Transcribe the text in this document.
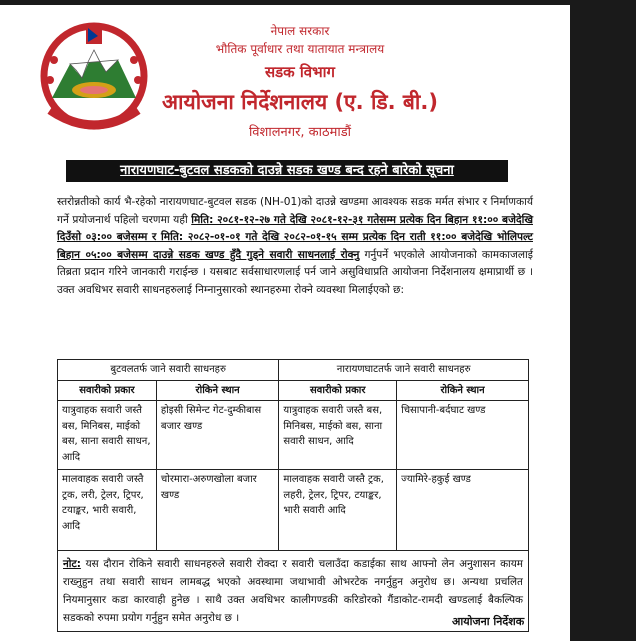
जननी जन्मभूमिश्च स्वर्गादपि गरीयसी
नेपाल सरकार
भौतिक पूर्वाधार तथा यातायात मन्त्रालय
सडक विभाग
आयोजना निर्देशनालय (ए. डि. बी.)
विशालनगर, काठमाडौं
नारायणघाट-बुटवल सडकको दाउन्ने सडक खण्ड बन्द रहने बारेको सूचना
स्तरोन्नतीको कार्य भै-रहेको नारायणघाट-बुटवल सडक (NH-01)को दाउन्ने खण्डमा आवश्यक सडक मर्मत संभार र निर्माणकार्य गर्ने प्रयोजनार्थ पहिलो चरणमा यही मिति: २०८१-१२-२७ गते देखि २०८१-१२-३१ गतेसम्म प्रत्येक दिन बिहान ११:०० बजेदेखि दिउँसो ०३:०० बजेसम्म र मिति: २०८२-०१-०१ गते देखि २०८२-०१-१५ सम्म प्रत्येक दिन राती ११:०० बजेदेखि भोलिपल्ट बिहान ०५:०० बजेसम्म दाउन्ने सडक खण्ड हुँदै गुड्ने सवारी साधनलाई रोक्नु गर्नुपर्ने भएकोले आयोजनाको कामकाजलाई तिब्रता प्रदान गरिने जानकारी गराईन्छ । यसबाट सर्वसाधारणलाई पर्न जाने असुविधाप्रति आयोजना निर्देशनालय क्षमाप्रार्थी छ । उक्त अवधिभर सवारी साधनहरुलाई निम्नानुसारको स्थानहरुमा रोक्ने व्यवस्था मिलाईएको छ:
बुटवलतर्फ जाने सवारी साधनहरु		नारायणघाटतर्फ जाने सवारी साधनहरु	
सवारीको प्रकार	रोकिने स्थान	सवारीको प्रकार	रोकिने स्थान
यात्रुवाहक सवारी जस्तै बस, मिनिबस, माईको बस, साना सवारी साधन, आदि	होइसी सिमेन्ट गेट-दुम्कीबास बजार खण्ड	यात्रुवाहक सवारी जस्तै बस, मिनिबस, माईको बस, साना सवारी साधन, आदि	चिसापानी-बर्दघाट खण्ड
मालवाहक सवारी जस्तै ट्रक, लरी, ट्रेलर, ट्रिपर, टयाङ्कर, भारी सवारी, आदि	चोरमारा-अरुणखोला बजार खण्ड	मालवाहक सवारी जस्तै ट्रक, लहरी, ट्रेलर, ट्रिपर, टयाङ्कर, भारी सवारी आदि	ज्यामिरे-हकुई खण्ड
नोट: यस दौरान रोकिने सवारी साधनहरुले सवारी रोक्दा र सवारी चलाउँदा कडाईका साथ आफ्नो लेन अनुशासन कायम राख्नुहुन तथा सवारी साधन लामबद्ध भएको अवस्थामा जथाभावी ओभरटेक नगर्नुहुन अनुरोध छ। अन्यथा प्रचलित नियमानुसार कडा कारवाही हुनेछ । साथै उक्त अवधिभर कालीगण्डकी करिडोरको गैंडाकोट-रामदी खण्डलाई बैकल्पिक सडकको रुपमा प्रयोग गर्नुहुन समेत अनुरोध छ ।				आयोजना निर्देशक
